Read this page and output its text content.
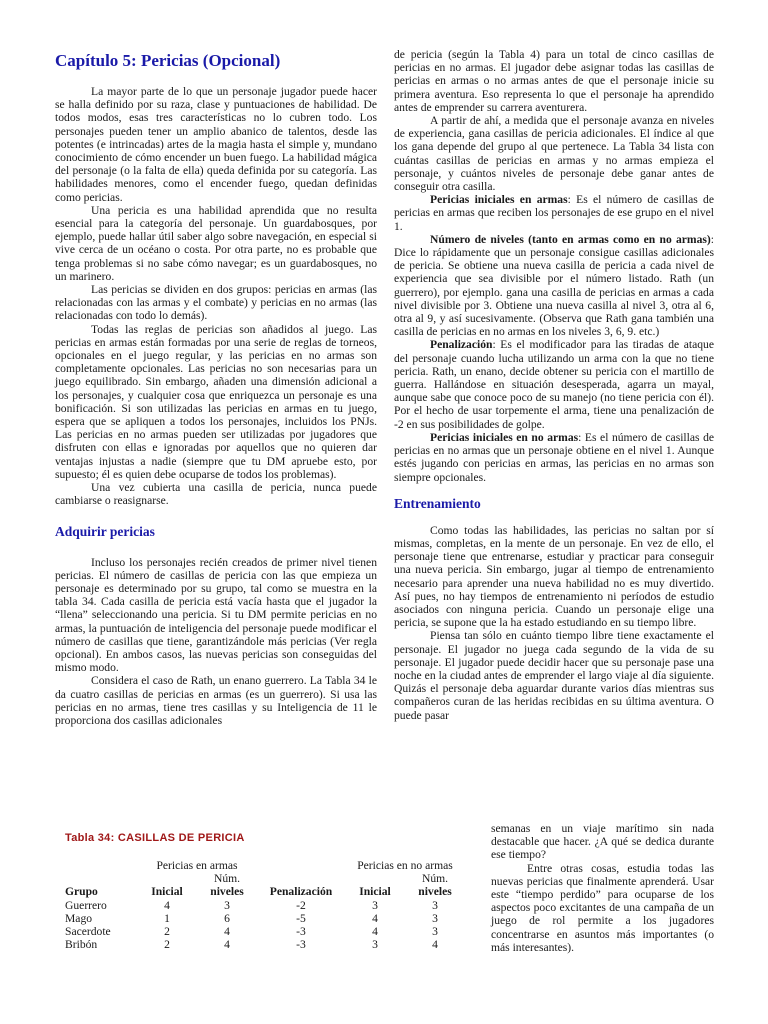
Capítulo 5: Pericias (Opcional)

La mayor parte de lo que un personaje jugador puede hacer se halla definido por su raza, clase y puntuaciones de habilidad. De todos modos, esas tres características no lo cubren todo. Los personajes pueden tener un amplio abanico de talentos, desde las potentes (e intrincadas) artes de la magia hasta el simple y, mundano conocimiento de cómo encender un buen fuego. La habilidad mágica del personaje (o la falta de ella) queda definida por su categoría. Las habilidades menores, como el encender fuego, quedan definidas como pericias.

Una pericia es una habilidad aprendida que no resulta esencial para la categoría del personaje. Un guardabosques, por ejemplo, puede hallar útil saber algo sobre navegación, en especial si vive cerca de un océano o costa. Por otra parte, no es probable que tenga problemas si no sabe cómo navegar; es un guardabosques, no un marinero.

Las pericias se dividen en dos grupos: pericias en armas (las relacionadas con las armas y el combate) y pericias en no armas (las relacionadas con todo lo demás).

Todas las reglas de pericias son añadidos al juego. Las pericias en armas están formadas por una serie de reglas de torneos, opcionales en el juego regular, y las pericias en no armas son completamente opcionales. Las pericias no son necesarias para un juego equilibrado. Sin embargo, añaden una dimensión adicional a los personajes, y cualquier cosa que enriquezca un personaje es una bonificación. Si son utilizadas las pericias en armas en tu juego, espera que se apliquen a todos los personajes, incluidos los PNJs. Las pericias en no armas pueden ser utilizadas por jugadores que disfruten con ellas e ignoradas por aquellos que no quieren dar ventajas injustas a nadie (siempre que tu DM apruebe esto, por supuesto; él es quien debe ocuparse de todos los problemas).

Una vez cubierta una casilla de pericia, nunca puede cambiarse o reasignarse.

Adquirir pericias

Incluso los personajes recién creados de primer nivel tienen pericias. El número de casillas de pericia con las que empieza un personaje es determinado por su grupo, tal como se muestra en la tabla 34. Cada casilla de pericia está vacía hasta que el jugador la “llena” seleccionando una pericia. Si tu DM permite pericias en no armas, la puntuación de inteligencia del personaje puede modificar el número de casillas que tiene, garantizándole más pericias (Ver regla opcional). En ambos casos, las nuevas pericias son conseguidas del mismo modo.

Considera el caso de Rath, un enano guerrero. La Tabla 34 le da cuatro casillas de pericias en armas (es un guerrero). Si usa las pericias en no armas, tiene tres casillas y su Inteligencia de 11 le proporciona dos casillas adicionales

de pericia (según la Tabla 4) para un total de cinco casillas de pericias en no armas. El jugador debe asignar todas las casillas de pericias en armas o no armas antes de que el personaje inicie su primera aventura. Eso representa lo que el personaje ha aprendido antes de emprender su carrera aventurera.

A partir de ahí, a medida que el personaje avanza en niveles de experiencia, gana casillas de pericia adicionales. El índice al que los gana depende del grupo al que pertenece. La Tabla 34 lista con cuántas casillas de pericias en armas y no armas empieza el personaje, y cuántos niveles de personaje debe ganar antes de conseguir otra casilla.

Pericias iniciales en armas: Es el número de casillas de pericias en armas que reciben los personajes de ese grupo en el nivel 1.

Número de niveles (tanto en armas como en no armas): Dice lo rápidamente que un personaje consigue casillas adicionales de pericia. Se obtiene una nueva casilla de pericia a cada nivel de experiencia que sea divisible por el número listado. Rath (un guerrero), por ejemplo. gana una casilla de pericias en armas a cada nivel divisible por 3. Obtiene una nueva casilla al nivel 3, otra al 6, otra al 9, y así sucesivamente. (Observa que Rath gana también una casilla de pericias en no armas en los niveles 3, 6, 9. etc.)

Penalización: Es el modificador para las tiradas de ataque del personaje cuando lucha utilizando un arma con la que no tiene pericia. Rath, un enano, decide obtener su pericia con el martillo de guerra. Hallándose en situación desesperada, agarra un mayal, aunque sabe que conoce poco de su manejo (no tiene pericia con él). Por el hecho de usar torpemente el arma, tiene una penalización de -2 en sus posibilidades de golpe.

Pericias iniciales en no armas: Es el número de casillas de pericias en no armas que un personaje obtiene en el nivel 1. Aunque estés jugando con pericias en armas, las pericias en no armas son siempre opcionales.

Entrenamiento

Como todas las habilidades, las pericias no saltan por sí mismas, completas, en la mente de un personaje. En vez de ello, el personaje tiene que entrenarse, estudiar y practicar para conseguir una nueva pericia. Sin embargo, jugar al tiempo de entrenamiento necesario para aprender una nueva habilidad no es muy divertido. Así pues, no hay tiempos de entrenamiento ni períodos de estudio asociados con ninguna pericia. Cuando un personaje elige una pericia, se supone que la ha estado estudiando en su tiempo libre.

Piensa tan sólo en cuánto tiempo libre tiene exactamente el personaje. El jugador no juega cada segundo de la vida de su personaje. El jugador puede decidir hacer que su personaje pase una noche en la ciudad antes de emprender el largo viaje al día siguiente. Quizás el personaje deba aguardar durante varios días mientras sus compañeros curan de las heridas recibidas en su última aventura. O puede pasar

semanas en un viaje marítimo sin nada destacable que hacer. ¿A qué se dedica durante ese tiempo?

Entre otras cosas, estudia todas las nuevas pericias que finalmente aprenderá. Usar este “tiempo perdido” para ocuparse de los aspectos poco excitantes de una campaña de un juego de rol permite a los jugadores concentrarse en asuntos más importantes (o más interesantes).

Tabla 34: CASILLAS DE PERICIA
	Pericias en armas			Pericias en no armas	
		Núm.			Núm.
Grupo	Inicial	niveles	Penalización	Inicial	niveles
Guerrero	4	3	-2	3	3
Mago	1	6	-5	4	3
Sacerdote	2	4	-3	4	3
Bribón	2	4	-3	3	4
